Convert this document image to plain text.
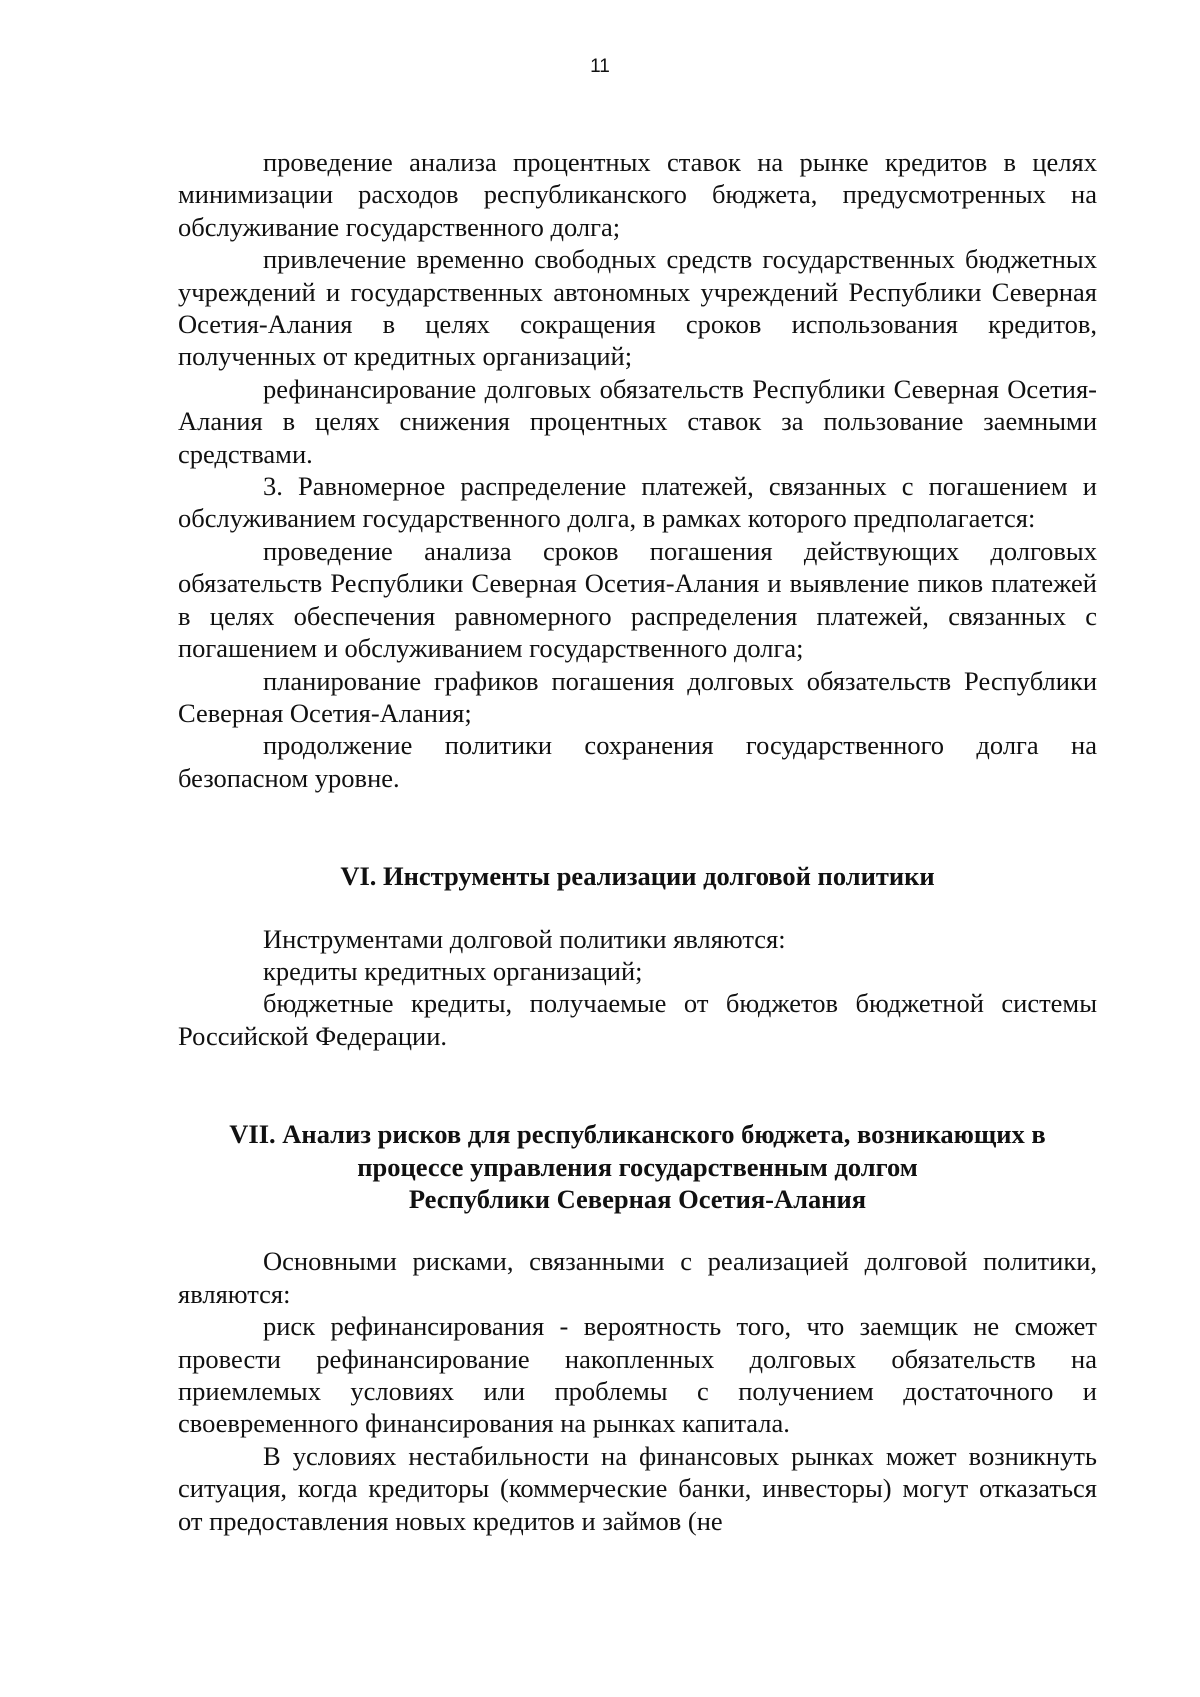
11

проведение анализа процентных ставок на рынке кредитов в целях минимизации расходов республиканского бюджета, предусмотренных на обслуживание государственного долга;

привлечение временно свободных средств государственных бюджетных учреждений и государственных автономных учреждений Республики Северная Осетия-Алания в целях сокращения сроков использования кредитов, полученных от кредитных организаций;

рефинансирование долговых обязательств Республики Северная Осетия-Алания в целях снижения процентных ставок за пользование заемными средствами.

3. Равномерное распределение платежей, связанных с погашением и обслуживанием государственного долга, в рамках которого предполагается:

проведение анализа сроков погашения действующих долговых обязательств Республики Северная Осетия-Алания и выявление пиков платежей в целях обеспечения равномерного распределения платежей, связанных с погашением и обслуживанием государственного долга;

планирование графиков погашения долговых обязательств Республики Северная Осетия-Алания;

продолжение политики сохранения государственного долга на безопасном уровне.

VI. Инструменты реализации долговой политики

Инструментами долговой политики являются:

кредиты кредитных организаций;

бюджетные кредиты, получаемые от бюджетов бюджетной системы Российской Федерации.

VII. Анализ рисков для республиканского бюджета, возникающих в
процессе управления государственным долгом
Республики Северная Осетия-Алания

Основными рисками, связанными с реализацией долговой политики, являются:

риск рефинансирования - вероятность того, что заемщик не сможет провести рефинансирование накопленных долговых обязательств на приемлемых условиях или проблемы с получением достаточного и своевременного финансирования на рынках капитала.

В условиях нестабильности на финансовых рынках может возникнуть ситуация, когда кредиторы (коммерческие банки, инвесторы) могут отказаться от предоставления новых кредитов и займов (не
